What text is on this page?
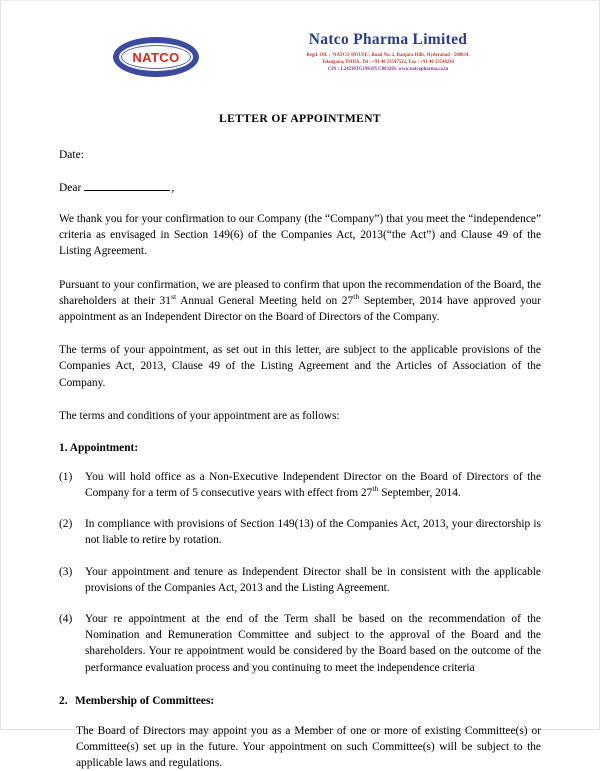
NATCO
Natco Pharma Limited
Regd. Off. : 'NATCO HOUSE', Road No. 2, Banjara Hills, Hyderabad - 500034.
Telangana, INDIA. Tel : +91 40 23547532, Fax : +91 40 23548243
CIN : L24230TG1981PLC003201. www.natcopharma.co.in
LETTER OF APPOINTMENT
Date:
Dear	,

We thank you for your confirmation to our Company (the “Company”) that you meet the “independence” criteria as envisaged in Section 149(6) of the Companies Act, 2013(“the Act”) and Clause 49 of the Listing Agreement.

Pursuant to your confirmation, we are pleased to confirm that upon the recommendation of the Board, the shareholders at their 31st Annual General Meeting held on 27th September, 2014 have approved your appointment as an Independent Director on the Board of Directors of the Company.

The terms of your appointment, as set out in this letter, are subject to the applicable provisions of the Companies Act, 2013, Clause 49 of the Listing Agreement and the Articles of Association of the Company.

The terms and conditions of your appointment are as follows:

1. Appointment:
(1)	You will hold office as a Non-Executive Independent Director on the Board of Directors of the Company for a term of 5 consecutive years with effect from 27th September, 2014.
(2)	In compliance with provisions of Section 149(13) of the Companies Act, 2013, your directorship is not liable to retire by rotation.
(3)	Your appointment and tenure as Independent Director shall be in consistent with the applicable provisions of the Companies Act, 2013 and the Listing Agreement.
(4)	Your re appointment at the end of the Term shall be based on the recommendation of the Nomination and Remuneration Committee and subject to the approval of the Board and the shareholders. Your re appointment would be considered by the Board based on the outcome of the performance evaluation process and you continuing to meet the independence criteria
2. Membership of Committees:

The Board of Directors may appoint you as a Member of one or more of existing Committee(s) or Committee(s) set up in the future. Your appointment on such Committee(s) will be subject to the applicable laws and regulations.
